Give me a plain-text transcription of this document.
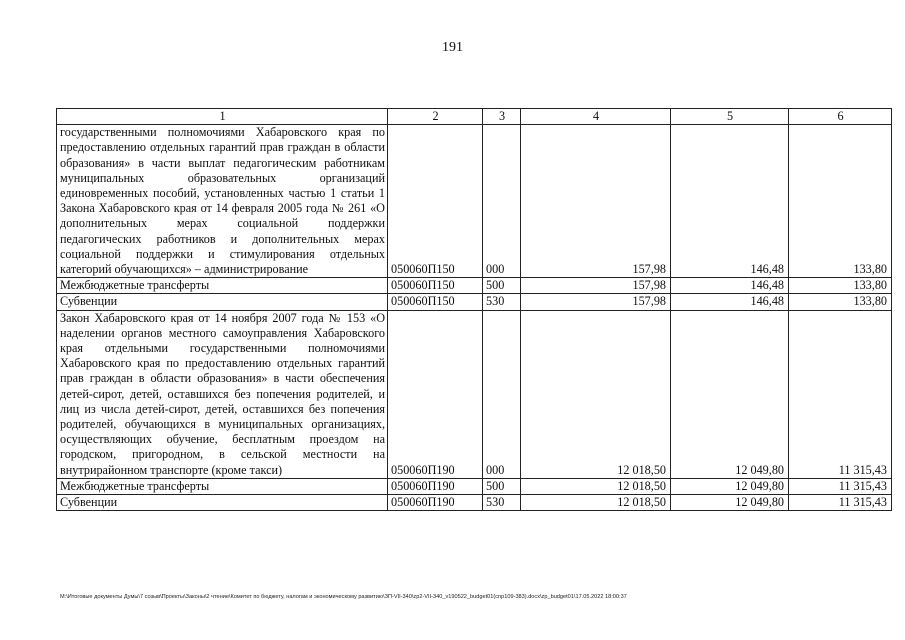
191
1	2	3	4	5	6
государственными полномочиями Хабаровского края по предоставлению отдельных гарантий прав граждан в области образования» в части выплат педагогическим работникам муниципальных образовательных организаций единовременных пособий, установленных частью 1 статьи 1 Закона Хабаровского края от 14 февраля 2005 года № 261 «О дополнительных мерах социальной поддержки педагогических работников и дополнительных мерах социальной поддержки и стимулирования отдельных категорий обучающихся» – администрирование	050060П150	000	157,98	146,48	133,80
Межбюджетные трансферты	050060П150	500	157,98	146,48	133,80
Субвенции	050060П150	530	157,98	146,48	133,80
Закон Хабаровского края от 14 ноября 2007 года № 153 «О наделении органов местного самоуправления Хабаровского края отдельными государственными полномочиями Хабаровского края по предоставлению отдельных гарантий прав граждан в области образования» в части обеспечения детей-сирот, детей, оставшихся без попечения родителей, и лиц из числа детей-сирот, детей, оставшихся без попечения родителей, обучающихся в муниципальных организациях, осуществляющих обучение, бесплатным проездом на городском, пригородном, в сельской местности на внутрирайонном транспорте (кроме такси)	050060П190	000	12 018,50	12 049,80	11 315,43
Межбюджетные трансферты	050060П190	500	12 018,50	12 049,80	11 315,43
Субвенции	050060П190	530	12 018,50	12 049,80	11 315,43
M:\Итоговые документы Думы\7 созыв\Проекты\Законы\2 чтение\Комитет по бюджету, налогам и экономическому развитию\ЗП-VII-340\zp2-VII-340_v190522_budget01(cnp109-383).docx\zp_budget01\17.05.2022 18:00:37
